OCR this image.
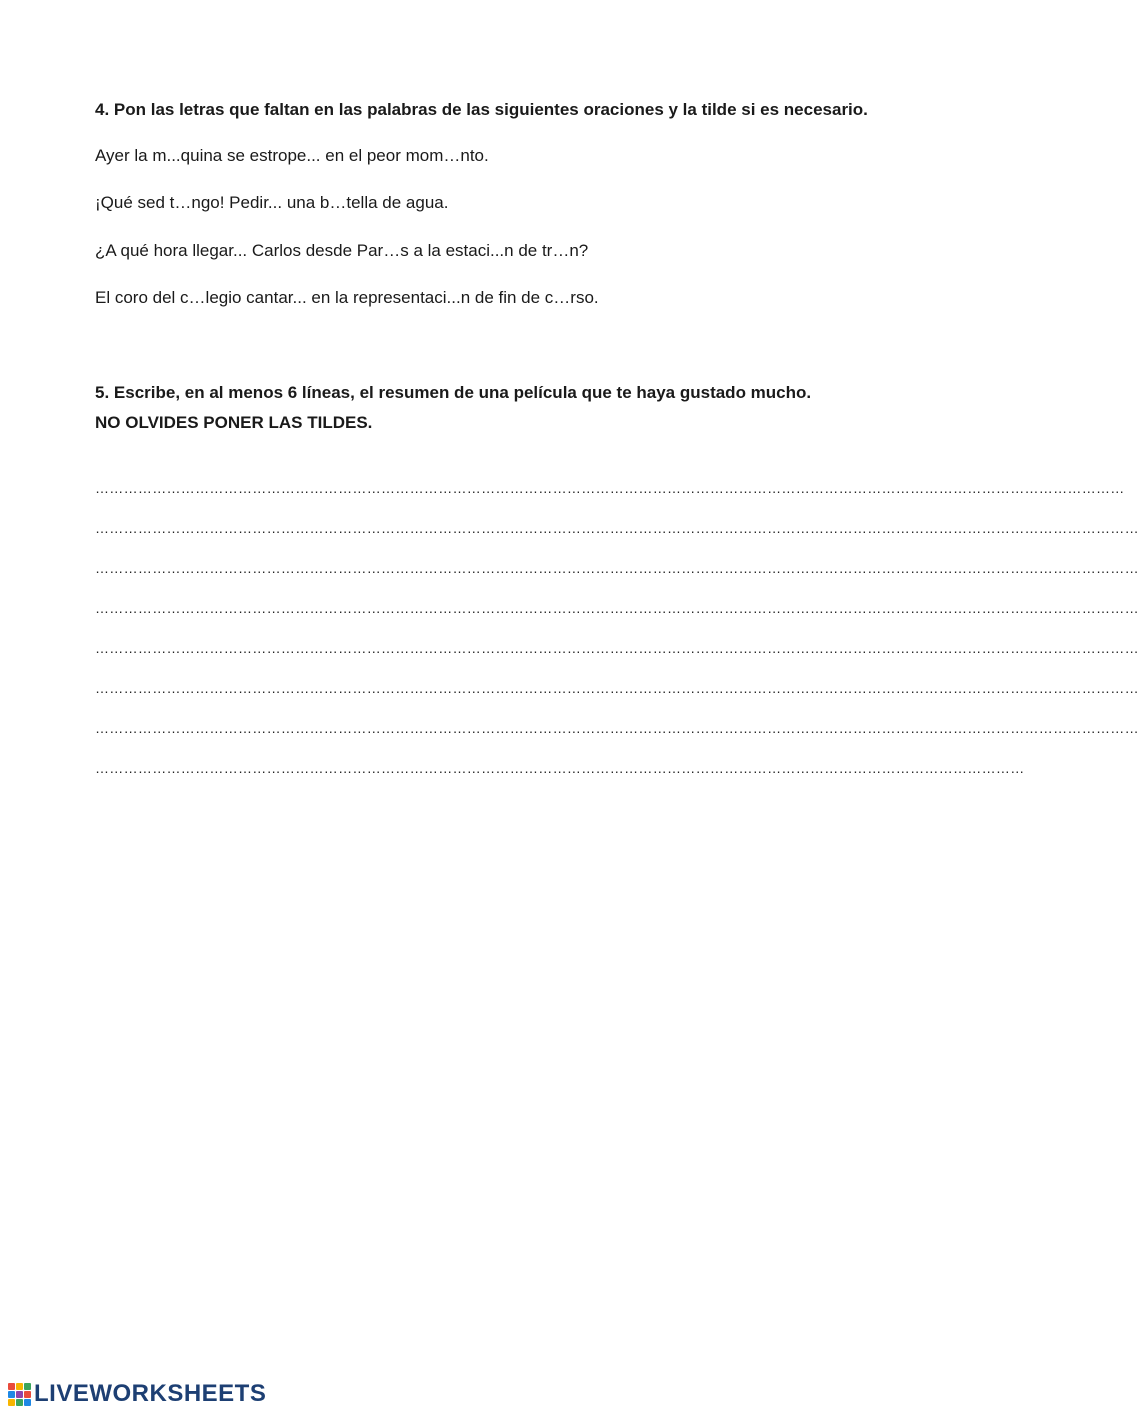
4. Pon las letras que faltan en las palabras de las siguientes oraciones y la tilde si es necesario.
Ayer la m...quina se estrope... en el peor mom…nto.
¡Qué sed t…ngo! Pedir... una b…tella de agua.
¿A qué hora llegar... Carlos desde Par…s a la estaci...n de tr…n?
El coro del c…legio cantar... en la representaci...n de fin de c…rso.
5. Escribe, en al menos 6 líneas, el resumen de una película que te haya gustado mucho.
NO OLVIDES PONER LAS TILDES.
………………………………………………………………………………………………………………………………………………………………………………………………
…………………………………………………………………………………………………………………………………………………………………………………………………
…………………………………………………………………………………………………………………………………………………………………………………………………
…………………………………………………………………………………………………………………………………………………………………………………………………
…………………………………………………………………………………………………………………………………………………………………………………………………
…………………………………………………………………………………………………………………………………………………………………………………………………
…………………………………………………………………………………………………………………………………………………………………………………………………
……………………………………………………………………………………………………………………………………………………………………………
LIVEWORKSHEETS
